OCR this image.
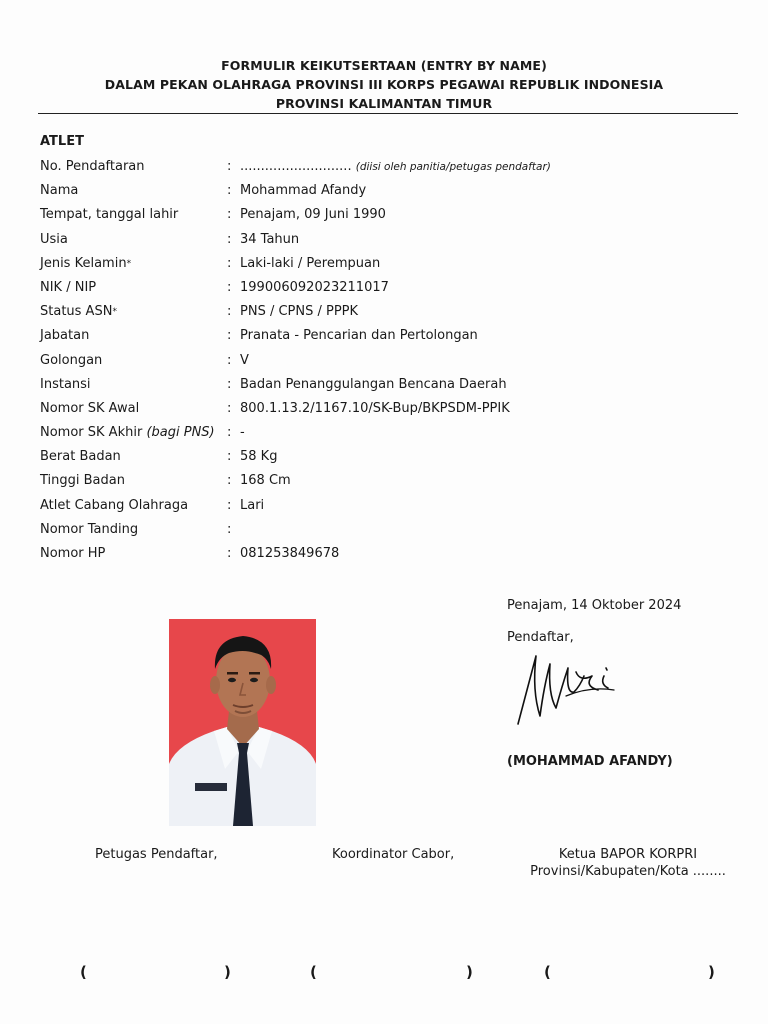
FORMULIR KEIKUTSERTAAN (ENTRY BY NAME)
DALAM PEKAN OLAHRAGA PROVINSI III KORPS PEGAWAI REPUBLIK INDONESIA
PROVINSI KALIMANTAN TIMUR
ATLET
No. Pendaftaran	: ........................... (diisi oleh panitia/petugas pendaftar)
Nama	: Mohammad Afandy
Tempat, tanggal lahir	: Penajam, 09 Juni 1990
Usia	: 34 Tahun
Jenis Kelamin*	: Laki-laki / Perempuan
NIK / NIP	: 199006092023211017
Status ASN*	: PNS / CPNS / PPPK
Jabatan	: Pranata - Pencarian dan Pertolongan
Golongan	: V
Instansi	: Badan Penanggulangan Bencana Daerah
Nomor SK Awal	: 800.1.13.2/1167.10/SK-Bup/BKPSDM-PPIK
Nomor SK Akhir (bagi PNS) : -
Berat Badan	: 58 Kg
Tinggi Badan	: 168 Cm
Atlet Cabang Olahraga	: Lari
Nomor Tanding	:
Nomor HP	: 081253849678
Penajam, 14 Oktober 2024
Pendaftar,
(MOHAMMAD AFANDY)
Petugas Pendaftar,	Koordinator Cabor,	Ketua BAPOR KORPRI
Provinsi/Kabupaten/Kota ........
(	)	(	)	(	)
